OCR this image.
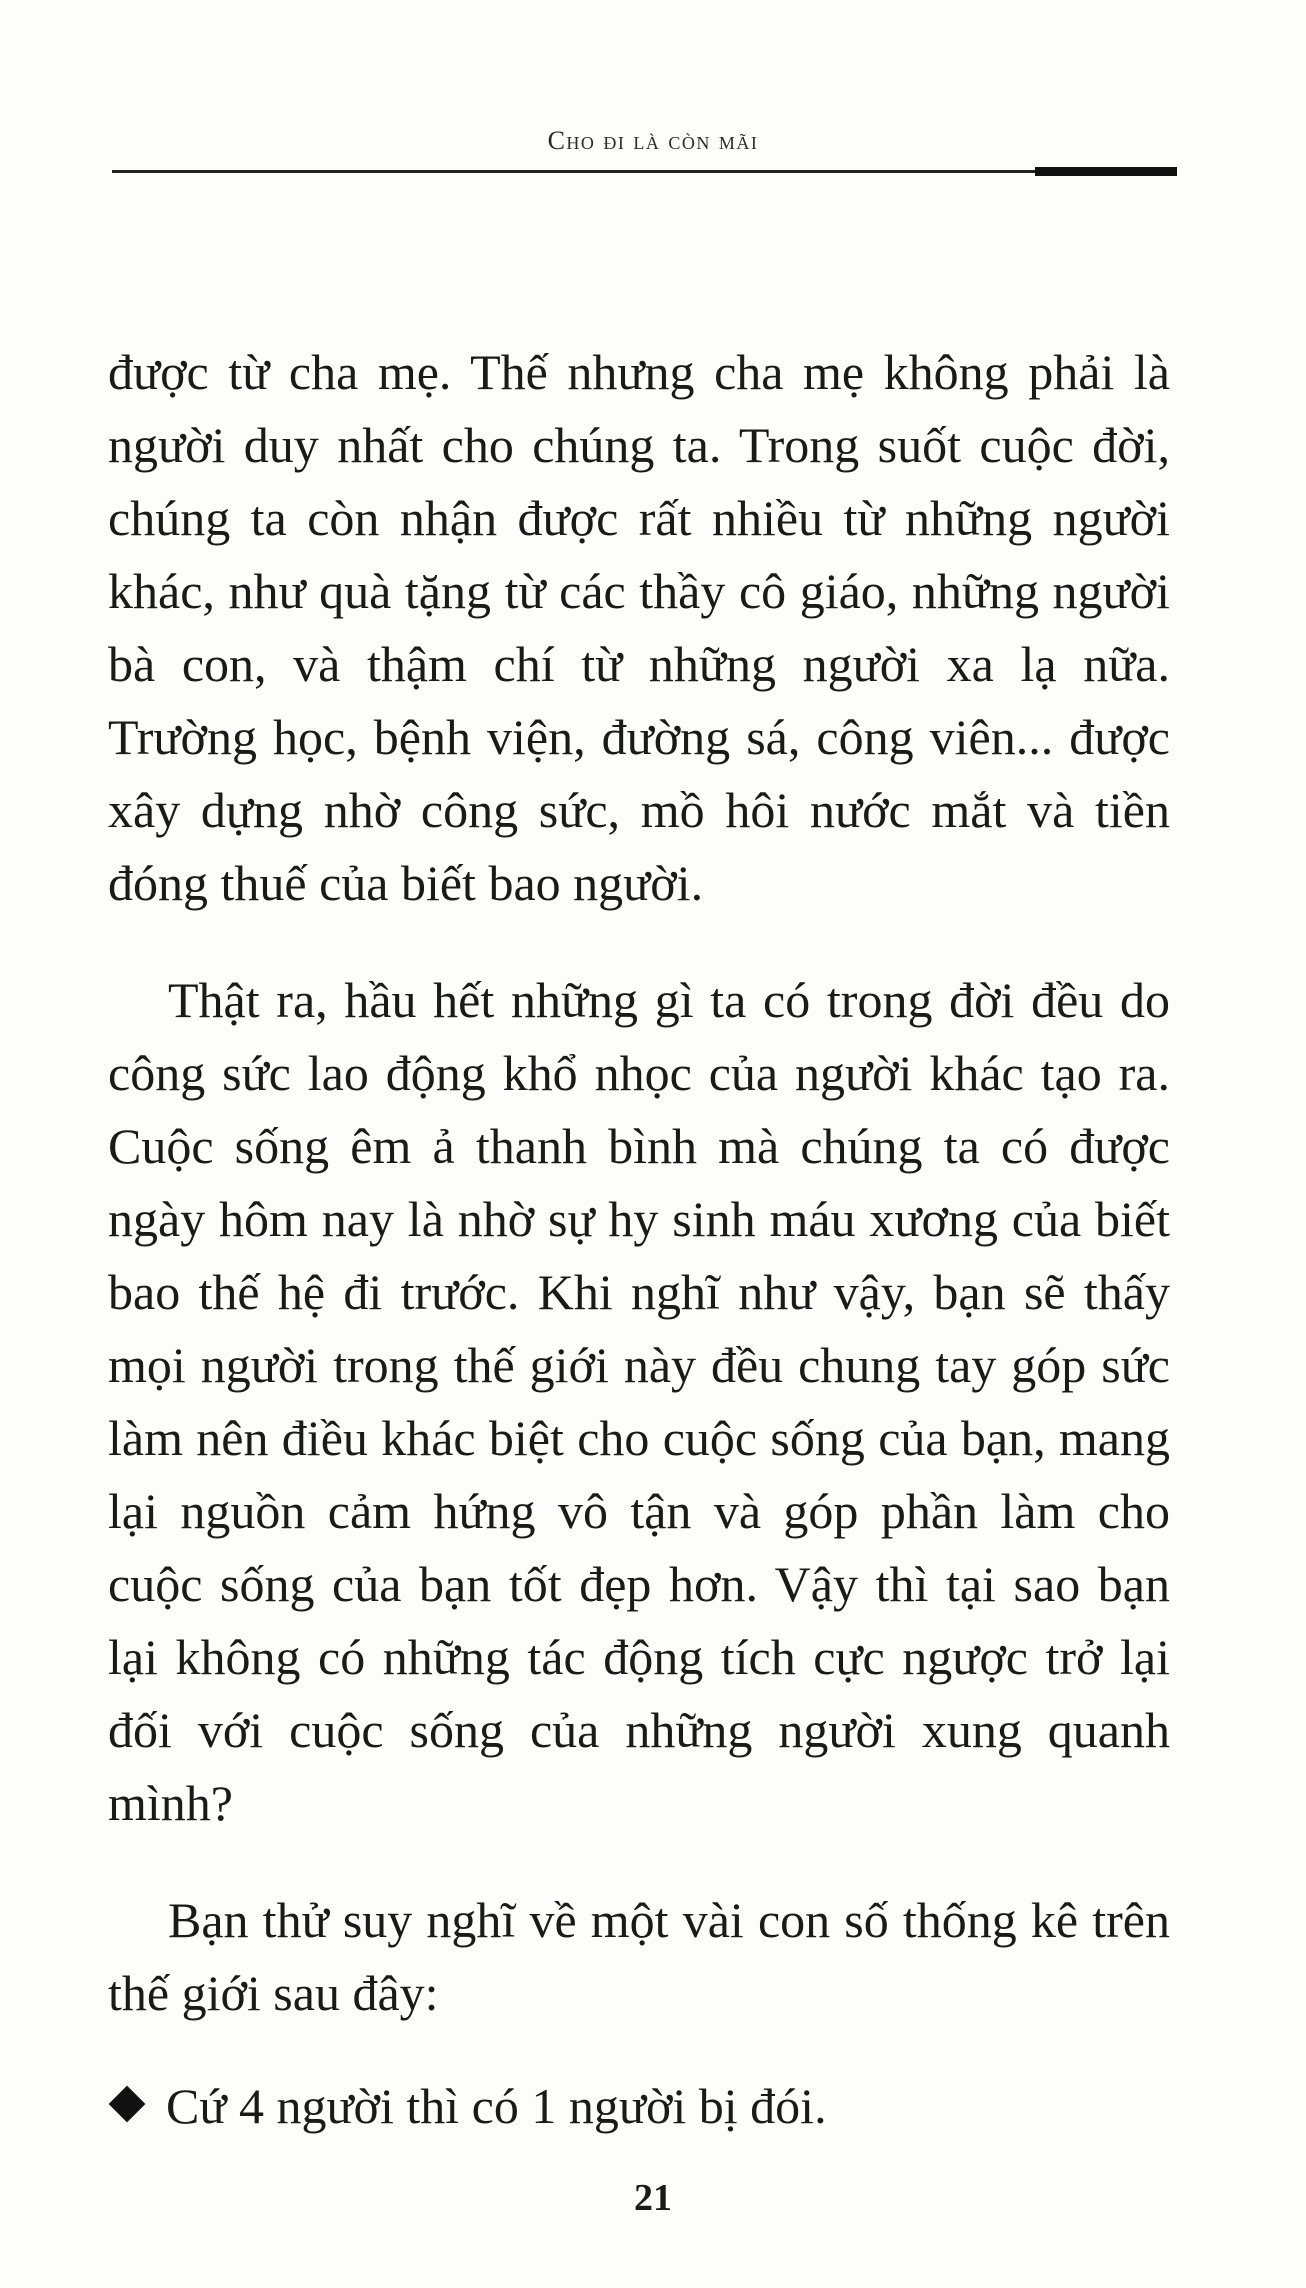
Cho đi là còn mãi

được từ cha mẹ. Thế nhưng cha mẹ không phải là người duy nhất cho chúng ta. Trong suốt cuộc đời, chúng ta còn nhận được rất nhiều từ những người khác, như quà tặng từ các thầy cô giáo, những người bà con, và thậm chí từ những người xa lạ nữa. Trường học, bệnh viện, đường sá, công viên... được xây dựng nhờ công sức, mồ hôi nước mắt và tiền đóng thuế của biết bao người.

Thật ra, hầu hết những gì ta có trong đời đều do công sức lao động khổ nhọc của người khác tạo ra. Cuộc sống êm ả thanh bình mà chúng ta có được ngày hôm nay là nhờ sự hy sinh máu xương của biết bao thế hệ đi trước. Khi nghĩ như vậy, bạn sẽ thấy mọi người trong thế giới này đều chung tay góp sức làm nên điều khác biệt cho cuộc sống của bạn, mang lại nguồn cảm hứng vô tận và góp phần làm cho cuộc sống của bạn tốt đẹp hơn. Vậy thì tại sao bạn lại không có những tác động tích cực ngược trở lại đối với cuộc sống của những người xung quanh mình?

Bạn thử suy nghĩ về một vài con số thống kê trên thế giới sau đây:

Cứ 4 người thì có 1 người bị đói.
21
